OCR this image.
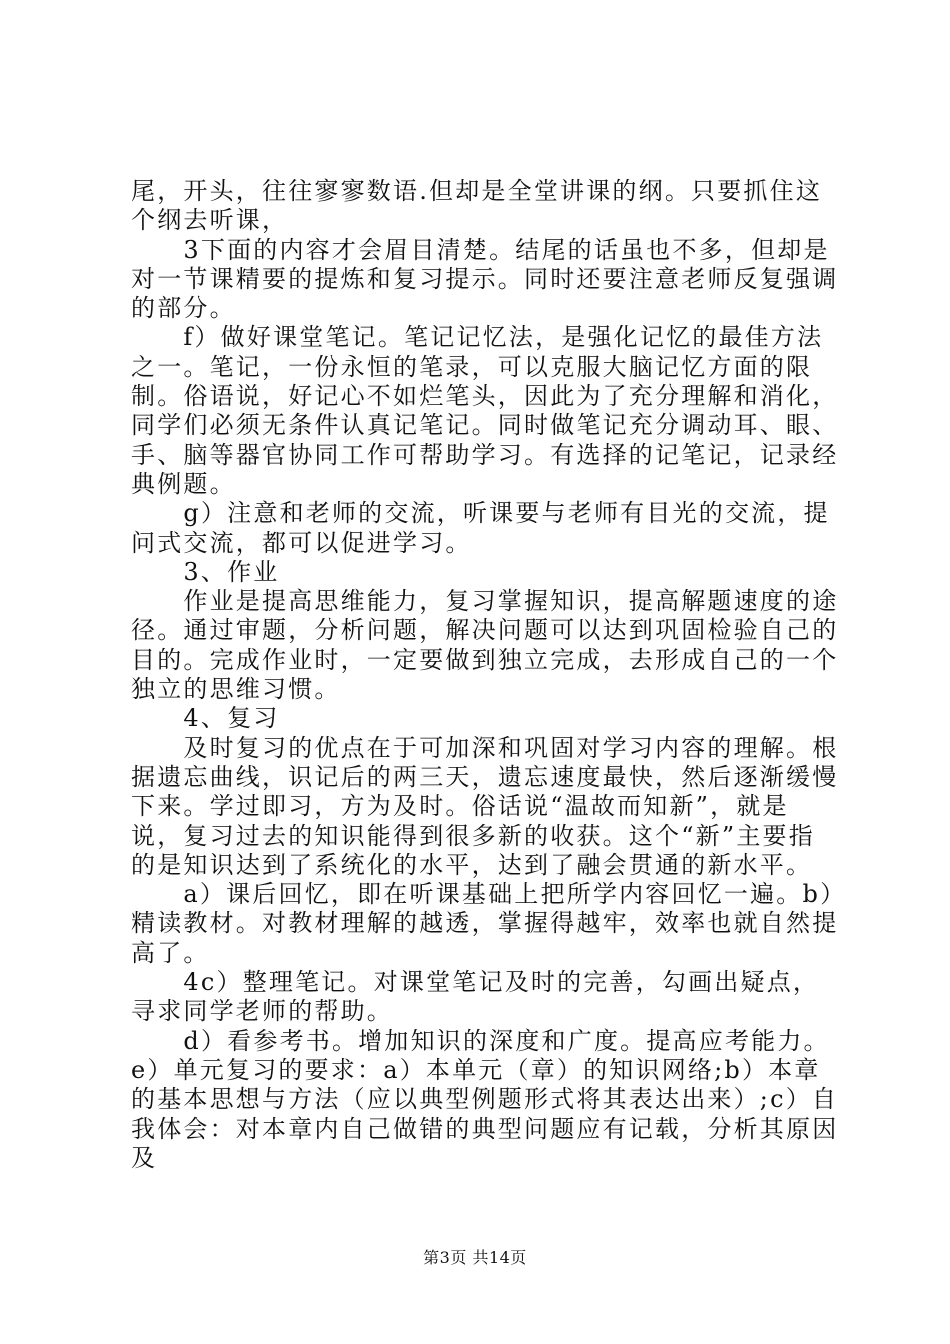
尾，开头，往往寥寥数语.但却是全堂讲课的纲。只要抓住这个纲去听课，

　　3下面的内容才会眉目清楚。结尾的话虽也不多，但却是对一节课精要的提炼和复习提示。同时还要注意老师反复强调的部分。

　　f）做好课堂笔记。笔记记忆法，是强化记忆的最佳方法之一。笔记，一份永恒的笔录，可以克服大脑记忆方面的限制。俗语说，好记心不如烂笔头，因此为了充分理解和消化，同学们必须无条件认真记笔记。同时做笔记充分调动耳、眼、手、脑等器官协同工作可帮助学习。有选择的记笔记，记录经典例题。

　　g）注意和老师的交流，听课要与老师有目光的交流，提问式交流，都可以促进学习。

　　3、作业

　　作业是提高思维能力，复习掌握知识，提高解题速度的途径。通过审题，分析问题，解决问题可以达到巩固检验自己的目的。完成作业时，一定要做到独立完成，去形成自己的一个独立的思维习惯。

　　4、复习

　　及时复习的优点在于可加深和巩固对学习内容的理解。根据遗忘曲线，识记后的两三天，遗忘速度最快，然后逐渐缓慢下来。学过即习，方为及时。俗话说“温故而知新”，就是说，复习过去的知识能得到很多新的收获。这个“新”主要指的是知识达到了系统化的水平，达到了融会贯通的新水平。

　　a）课后回忆，即在听课基础上把所学内容回忆一遍。b）精读教材。对教材理解的越透，掌握得越牢，效率也就自然提高了。

　　4c）整理笔记。对课堂笔记及时的完善，勾画出疑点，寻求同学老师的帮助。

　　d）看参考书。增加知识的深度和广度。提高应考能力。e）单元复习的要求：a）本单元（章）的知识网络;b）本章的基本思想与方法（应以典型例题形式将其表达出来）;c）自我体会：对本章内自己做错的典型问题应有记载，分析其原因及

第3页 共14页
